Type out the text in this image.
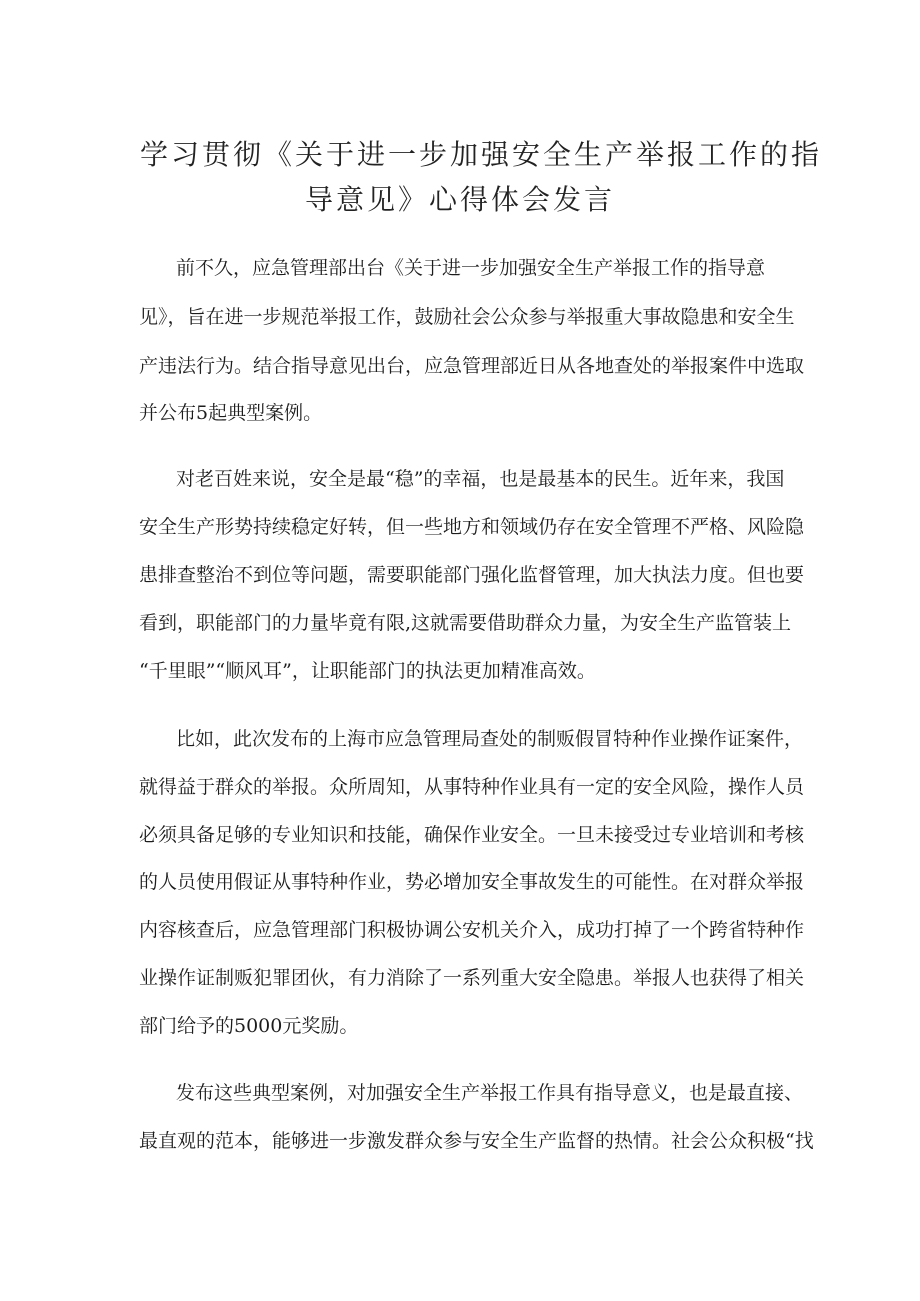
学习贯彻《关于进一步加强安全生产举报工作的指
导意见》心得体会发言
前不久，应急管理部出台《关于进一步加强安全生产举报工作的指导意
见》，旨在进一步规范举报工作，鼓励社会公众参与举报重大事故隐患和安全生
产违法行为。结合指导意见出台，应急管理部近日从各地查处的举报案件中选取
并公布5起典型案例。
对老百姓来说，安全是最“稳”的幸福，也是最基本的民生。近年来，我国
安全生产形势持续稳定好转，但一些地方和领域仍存在安全管理不严格、风险隐
患排查整治不到位等问题，需要职能部门强化监督管理，加大执法力度。但也要
看到，职能部门的力量毕竟有限,这就需要借助群众力量，为安全生产监管装上
“千里眼”“顺风耳”，让职能部门的执法更加精准高效。
比如，此次发布的上海市应急管理局查处的制贩假冒特种作业操作证案件，
就得益于群众的举报。众所周知，从事特种作业具有一定的安全风险，操作人员
必须具备足够的专业知识和技能，确保作业安全。一旦未接受过专业培训和考核
的人员使用假证从事特种作业，势必增加安全事故发生的可能性。在对群众举报
内容核查后，应急管理部门积极协调公安机关介入，成功打掉了一个跨省特种作
业操作证制贩犯罪团伙，有力消除了一系列重大安全隐患。举报人也获得了相关
部门给予的5000元奖励。
发布这些典型案例，对加强安全生产举报工作具有指导意义，也是最直接、
最直观的范本，能够进一步激发群众参与安全生产监督的热情。社会公众积极“找
